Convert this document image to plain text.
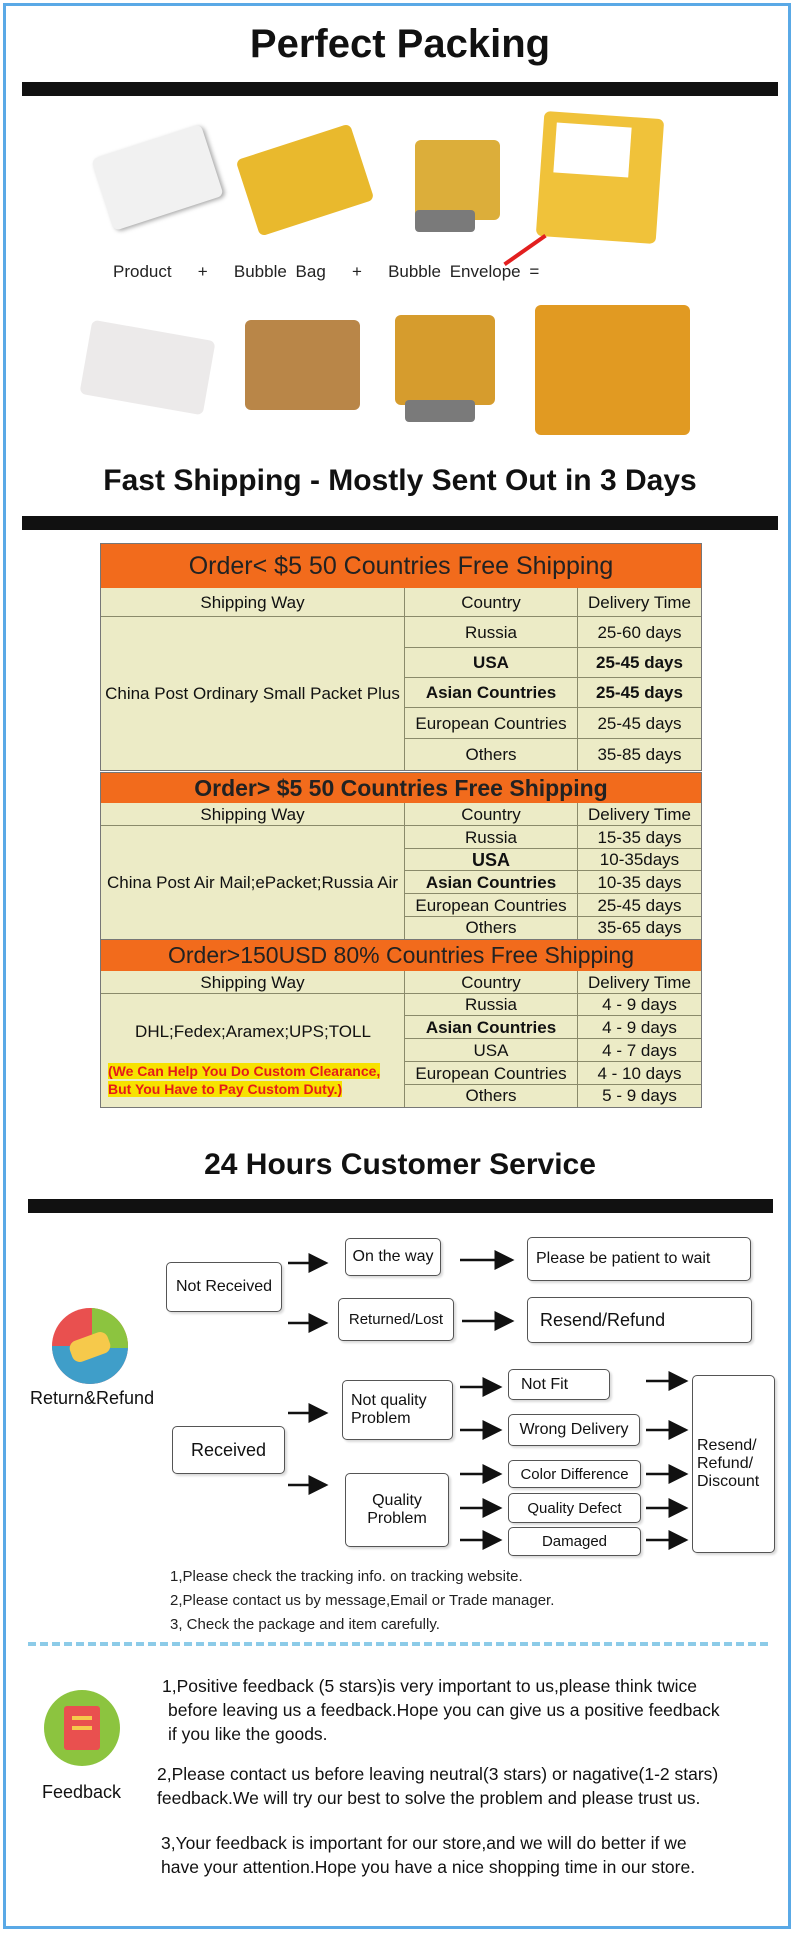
Perfect Packing
Product + Bubble Bag + Bubble Envelope =
Fast Shipping - Mostly Sent Out in 3 Days
Order< $5 50 Countries Free Shipping
Shipping Way	Country	Delivery Time
China Post Ordinary Small Packet Plus
Russia	25-60 days
USA	25-45 days
Asian Countries	25-45 days
European Countries	25-45 days
Others	35-85 days
Order> $5 50 Countries Free Shipping
Shipping Way	Country	Delivery Time
China Post Air Mail;ePacket;Russia Air
Russia	15-35 days
USA	10-35days
Asian Countries	10-35 days
European Countries	25-45 days
Others	35-65 days
Order>150USD 80% Countries Free Shipping
Shipping Way	Country	Delivery Time
DHL;Fedex;Aramex;UPS;TOLL
(We Can Help You Do Custom Clearance,
But You Have to Pay Custom Duty.)
Russia	4 - 9 days
Asian Countries	4 - 9 days
USA	4 - 7 days
European Countries	4 - 10 days
Others	5 - 9 days
24 Hours Customer Service
Return&Refund
Not Received
On the way	Please be patient to wait
Returned/Lost	Resend/Refund
Received
Not quality Problem
Quality Problem
Not Fit
Wrong Delivery
Color Difference
Quality Defect
Damaged
Resend/ Refund/ Discount
1,Please check the tracking info. on tracking website.
2,Please contact us by message,Email or Trade manager.
3, Check the package and item carefully.
Feedback
1,Positive feedback (5 stars)is very important to us,please think twice
before leaving us a feedback.Hope you can give us a positive feedback
if you like the goods.
2,Please contact us before leaving neutral(3 stars) or nagative(1-2 stars)
feedback.We will try our best to solve the problem and please trust us.
3,Your feedback is important for our store,and we will do better if we
have your attention.Hope you have a nice shopping time in our store.
